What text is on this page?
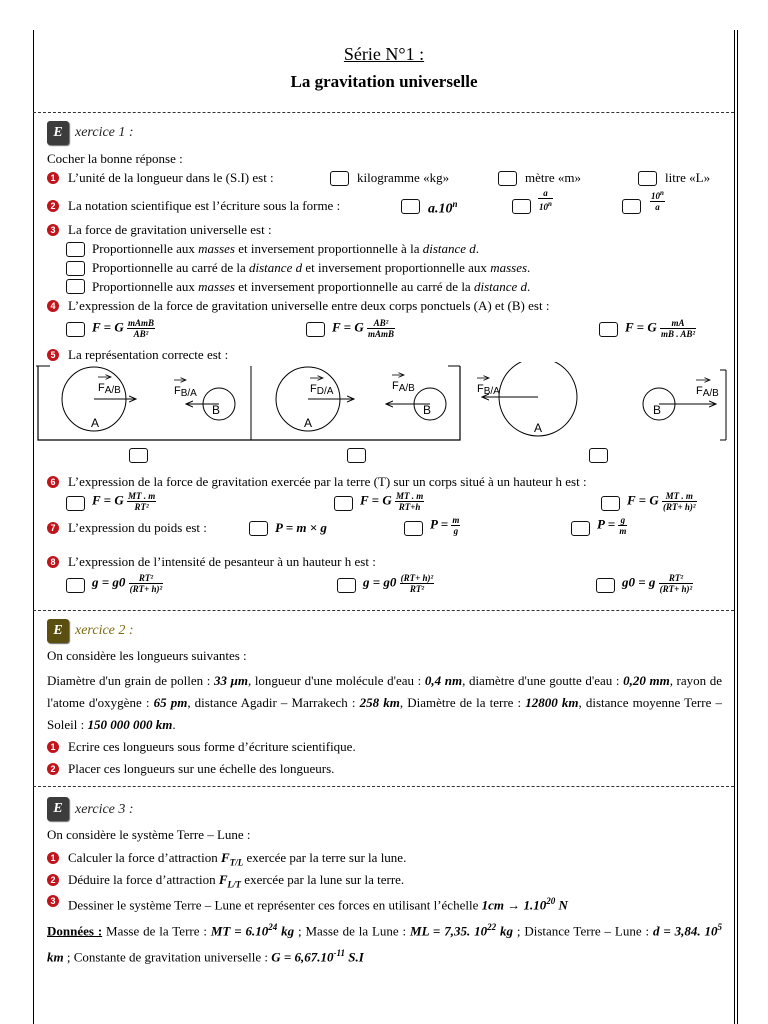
Série N°1 :
La gravitation universelle
E xercice 1 :
Cocher la bonne réponse :
1 L’unité de la longueur dans le (S.I) est :	kilogramme «kg»	mètre «m»	litre «L»
2 La notation scientifique est l’écriture sous la forme :	a.10$^n$	$\frac{a}{10^n}$	$\frac{10^n}{a}$
3 La force de gravitation universelle est :
Proportionnelle aux masses et inversement proportionnelle à la distance d.
Proportionnelle au carré de la distance d et inversement proportionnelle aux masses.
Proportionnelle aux masses et inversement proportionnelle au carré de la distance d.
4 L’expression de la force de gravitation universelle entre deux corps ponctuels (A) et (B) est :
F = G $\frac{\text{mAmB}}{\text{AB²}}$	F = G $\frac{\text{AB²}}{\text{mAmB}}$	F = G $\frac{mA}{\text{mB . AB²}}$
5 La représentation correcte est :
FA/B	FB/A
A
B
FD/A	FA/B
A
B
FB/A	FA/B
A
B
6 L’expression de la force de gravitation exercée par la terre (T) sur un corps situé à un hauteur h est :
F = G $\frac{MT . m}{\text{RT²}}$	F = G $\frac{MT . m}{RT+h}$	F = G $\frac{MT . m}{\text{(RT+ h)²}}$
7 L’expression du poids est :	P = m × g	$P = \frac{m}{g}$	$P = \frac{g}{m}$
8 L’expression de l’intensité de pesanteur à un hauteur h est :
$g = g0 \frac{\text{RT²}}{\text{(RT+ h)²}}$	$g = g0 \frac{\text{(RT+ h)²}}{\text{RT²}}$	g0 = g $\frac{\text{RT²}}{\text{(RT+ h)²}}$
E xercice 2 :
On considère les longueurs suivantes :
Diamètre d'un grain de pollen : 33 μm, longueur d'une molécule d'eau : 0,4 nm, diamètre d'une goutte d'eau : 0,20 mm, rayon de l'atome d'oxygène : 65 pm, distance Agadir – Marrakech : 258 km, Diamètre de la terre : 12800 km, distance moyenne Terre – Soleil : 150 000 000 km.
1 Ecrire ces longueurs sous forme d’écriture scientifique.
2 Placer ces longueurs sur une échelle des longueurs.
E xercice 3 :
On considère le système Terre – Lune :
1 Calculer la force d’attraction $F_{T/L}$ exercée par la terre sur la lune.
2 Déduire la force d’attraction $F_{L/T}$ exercée par la lune sur la terre.
3 Dessiner le système Terre – Lune et représenter ces forces en utilisant l’échelle $1cm \to 1.10^{20}$ N
Données : Masse de la Terre : MT = $6.10^{24}$ kg ; Masse de la Lune : ML = 7,35. $10^{22}$ kg ; Distance Terre – Lune : d = 3,84. $10^5$ km ; Constante de gravitation universelle : $G = 6,67.10^{-11}$ S.I
